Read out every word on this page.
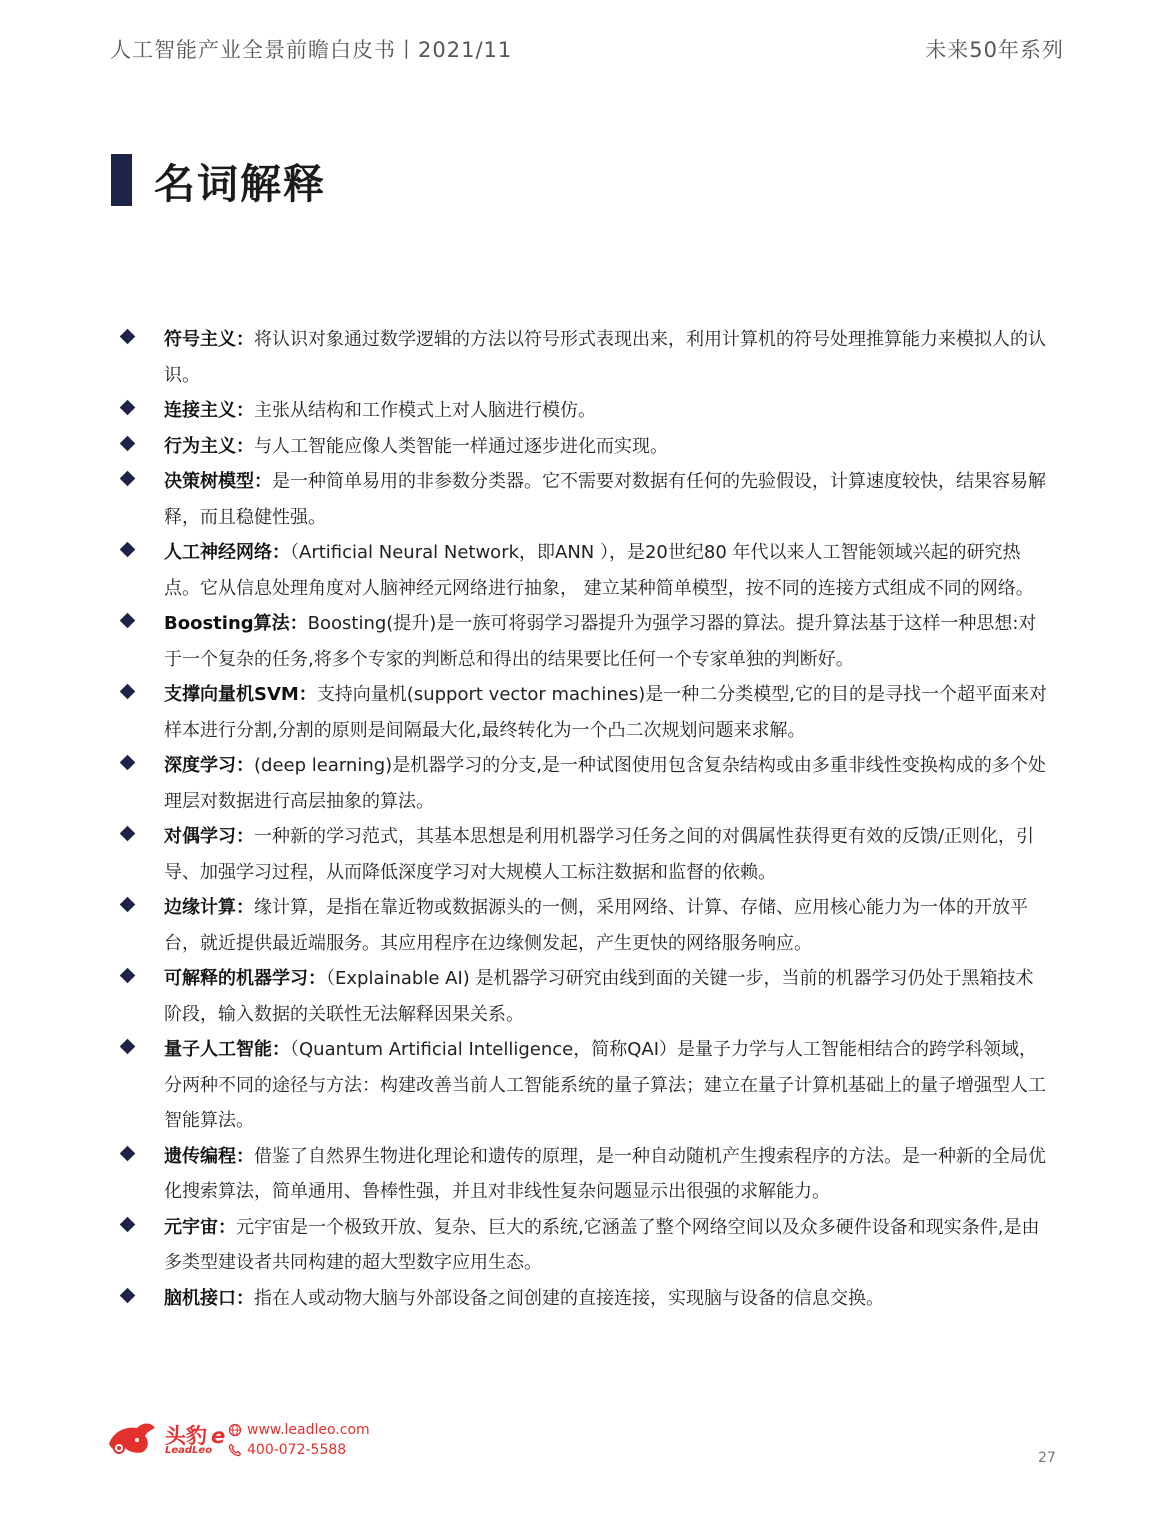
人工智能产业全景前瞻白皮书丨2021/11	未来50年系列
名词解释
符号主义：将认识对象通过数学逻辑的方法以符号形式表现出来，利用计算机的符号处理推算能力来模拟人的认识。
连接主义：主张从结构和工作模式上对人脑进行模仿。
行为主义：与人工智能应像人类智能一样通过逐步进化而实现。
决策树模型：是一种简单易用的非参数分类器。它不需要对数据有任何的先验假设，计算速度较快，结果容易解释，而且稳健性强。
人工神经网络：（Artificial Neural Network，即ANN ），是20世纪80 年代以来人工智能领域兴起的研究热点。它从信息处理角度对人脑神经元网络进行抽象， 建立某种简单模型，按不同的连接方式组成不同的网络。
Boosting算法：Boosting(提升)是一族可将弱学习器提升为强学习器的算法。提升算法基于这样一种思想:对于一个复杂的任务,将多个专家的判断总和得出的结果要比任何一个专家单独的判断好。
支撑向量机SVM：支持向量机(support vector machines)是一种二分类模型,它的目的是寻找一个超平面来对样本进行分割,分割的原则是间隔最大化,最终转化为一个凸二次规划问题来求解。
深度学习：(deep learning)是机器学习的分支,是一种试图使用包含复杂结构或由多重非线性变换构成的多个处理层对数据进行高层抽象的算法。
对偶学习：一种新的学习范式，其基本思想是利用机器学习任务之间的对偶属性获得更有效的反馈/正则化，引导、加强学习过程，从而降低深度学习对大规模人工标注数据和监督的依赖。
边缘计算：缘计算，是指在靠近物或数据源头的一侧，采用网络、计算、存储、应用核心能力为一体的开放平台，就近提供最近端服务。其应用程序在边缘侧发起，产生更快的网络服务响应。
可解释的机器学习：（Explainable AI) 是机器学习研究由线到面的关键一步，当前的机器学习仍处于黑箱技术阶段，输入数据的关联性无法解释因果关系。
量子人工智能：（Quantum Artificial Intelligence，简称QAI）是量子力学与人工智能相结合的跨学科领域，分两种不同的途径与方法：构建改善当前人工智能系统的量子算法；建立在量子计算机基础上的量子增强型人工智能算法。
遗传编程：借鉴了自然界生物进化理论和遗传的原理，是一种自动随机产生搜索程序的方法。是一种新的全局优化搜索算法，简单通用、鲁棒性强，并且对非线性复杂问题显示出很强的求解能力。
元宇宙：元宇宙是一个极致开放、复杂、巨大的系统,它涵盖了整个网络空间以及众多硬件设备和现实条件,是由多类型建设者共同构建的超大型数字应用生态。
脑机接口：指在人或动物大脑与外部设备之间创建的直接连接，实现脑与设备的信息交换。
头豹 e
LeadLeo
www.leadleo.com
400-072-5588	27
